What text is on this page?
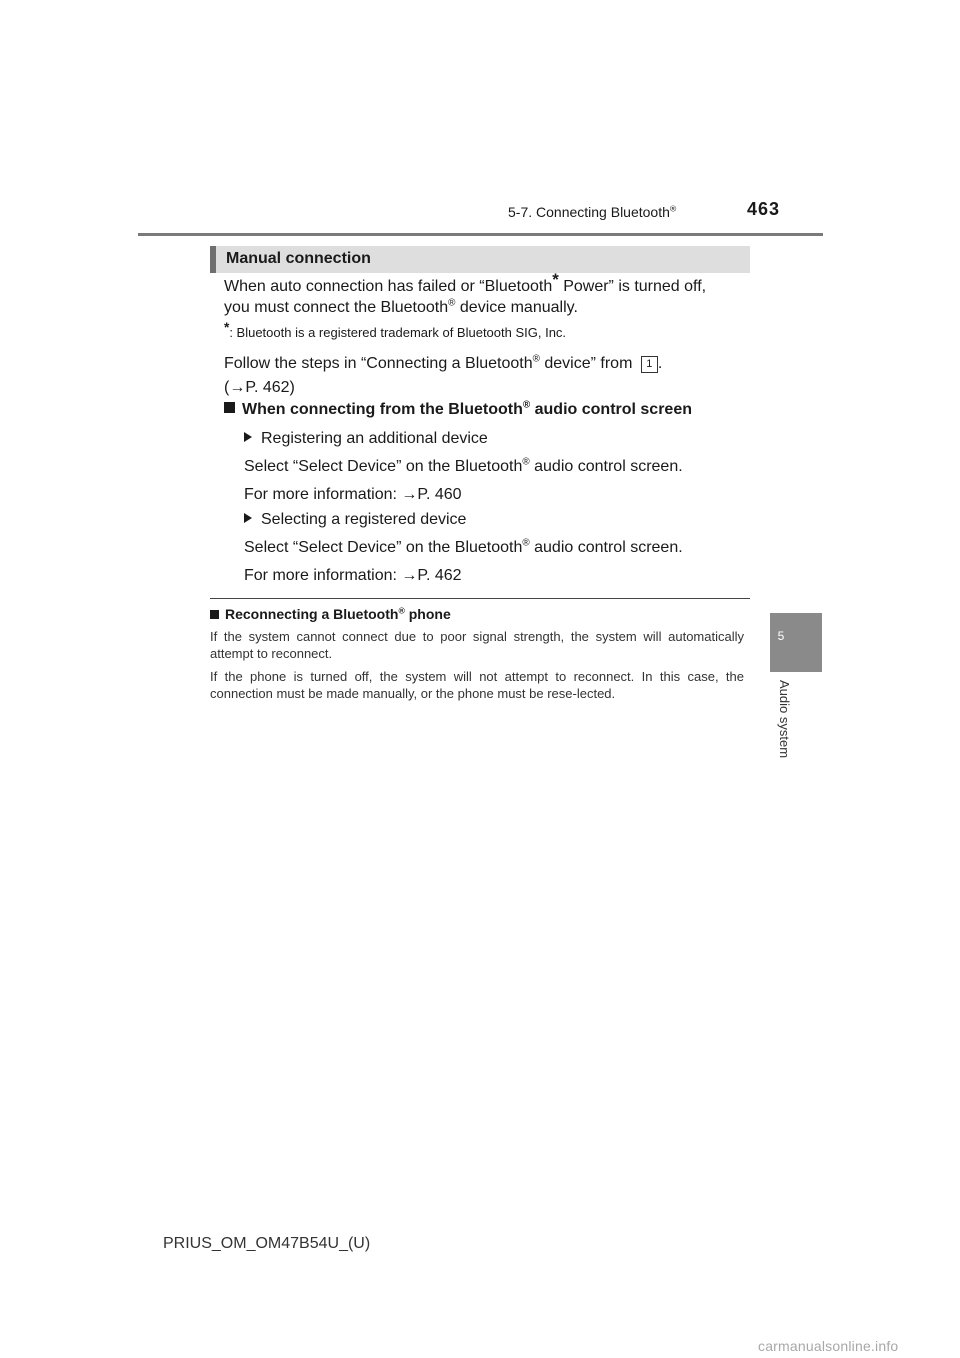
5-7. Connecting Bluetooth®	463
5
Audio system
Manual connection
When auto connection has failed or “Bluetooth* Power” is turned off,
you must connect the Bluetooth® device manually.
*: Bluetooth is a registered trademark of Bluetooth SIG, Inc.
Follow the steps in “Connecting a Bluetooth® device” from 1 .
(→P. 462)
When connecting from the Bluetooth® audio control screen
Registering an additional device
Select “Select Device” on the Bluetooth® audio control screen.
For more information: →P. 460
Selecting a registered device
Select “Select Device” on the Bluetooth® audio control screen.
For more information: →P. 462
Reconnecting a Bluetooth® phone
If the system cannot connect due to poor signal strength, the system will automatically attempt to reconnect.
If the phone is turned off, the system will not attempt to reconnect. In this case, the connection must be made manually, or the phone must be rese-lected.
PRIUS_OM_OM47B54U_(U)
carmanualsonline.info
